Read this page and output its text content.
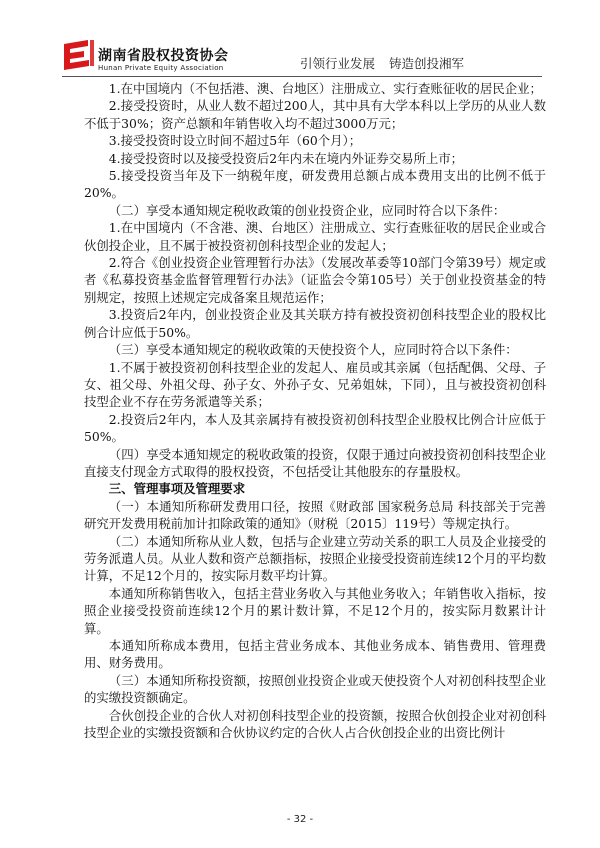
湖南省股权投资协会
Hunan Private Equity Association	引领行业发展 铸造创投湘军

1.在中国境内（不包括港、澳、台地区）注册成立、实行查账征收的居民企业；

2.接受投资时，从业人数不超过200人，其中具有大学本科以上学历的从业人数不低于30%；资产总额和年销售收入均不超过3000万元；

3.接受投资时设立时间不超过5年（60个月）；

4.接受投资时以及接受投资后2年内未在境内外证券交易所上市；

5.接受投资当年及下一纳税年度，研发费用总额占成本费用支出的比例不低于20%。

（二）享受本通知规定税收政策的创业投资企业，应同时符合以下条件：

1.在中国境内（不含港、澳、台地区）注册成立、实行查账征收的居民企业或合伙创投企业，且不属于被投资初创科技型企业的发起人；

2.符合《创业投资企业管理暂行办法》（发展改革委等10部门令第39号）规定或者《私募投资基金监督管理暂行办法》（证监会令第105号）关于创业投资基金的特别规定，按照上述规定完成备案且规范运作；

3.投资后2年内，创业投资企业及其关联方持有被投资初创科技型企业的股权比例合计应低于50%。

（三）享受本通知规定的税收政策的天使投资个人，应同时符合以下条件：

1.不属于被投资初创科技型企业的发起人、雇员或其亲属（包括配偶、父母、子女、祖父母、外祖父母、孙子女、外孙子女、兄弟姐妹，下同），且与被投资初创科技型企业不存在劳务派遣等关系；

2.投资后2年内，本人及其亲属持有被投资初创科技型企业股权比例合计应低于50%。

（四）享受本通知规定的税收政策的投资，仅限于通过向被投资初创科技型企业直接支付现金方式取得的股权投资，不包括受让其他股东的存量股权。

三、管理事项及管理要求

（一）本通知所称研发费用口径，按照《财政部 国家税务总局 科技部关于完善研究开发费用税前加计扣除政策的通知》（财税〔2015〕119号）等规定执行。

（二）本通知所称从业人数，包括与企业建立劳动关系的职工人员及企业接受的劳务派遣人员。从业人数和资产总额指标，按照企业接受投资前连续12个月的平均数计算，不足12个月的，按实际月数平均计算。

本通知所称销售收入，包括主营业务收入与其他业务收入；年销售收入指标，按照企业接受投资前连续12个月的累计数计算，不足12个月的，按实际月数累计计算。

本通知所称成本费用，包括主营业务成本、其他业务成本、销售费用、管理费用、财务费用。

（三）本通知所称投资额，按照创业投资企业或天使投资个人对初创科技型企业的实缴投资额确定。

合伙创投企业的合伙人对初创科技型企业的投资额，按照合伙创投企业对初创科技型企业的实缴投资额和合伙协议约定的合伙人占合伙创投企业的出资比例计

- 32 -
